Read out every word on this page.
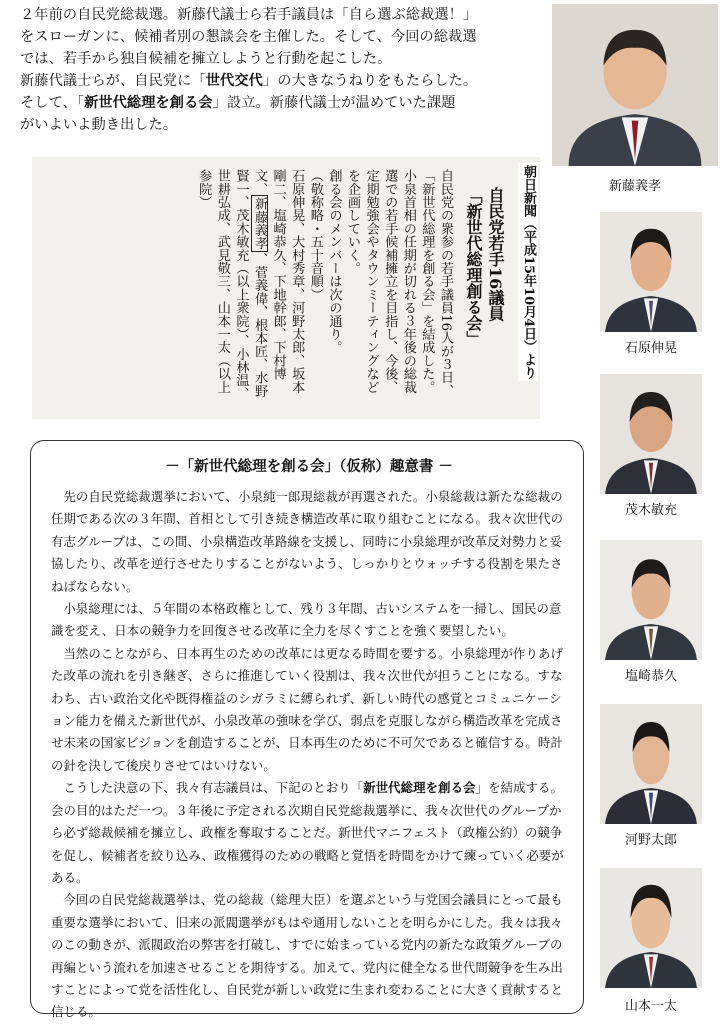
２年前の自民党総裁選。新藤代議士ら若手議員は「自ら選ぶ総裁選！」

をスローガンに、候補者別の懇談会を主催した。そして、今回の総裁選

では、若手から独自候補を擁立しようと行動を起こした。

新藤代議士らが、自民党に「世代交代」の大きなうねりをもたらした。

そして、「新世代総理を創る会」設立。新藤代議士が温めていた課題

がいよいよ動き出した。

朝日新聞（平成15年10月4日）より
自民党若手16議員
「新世代総理創る会」
自民党の衆参の若手議員16人が３日、「新世代総理を創る会」を結成した。小泉首相の任期が切れる３年後の総裁選での若手候補擁立を目指し、今後、定期勉強会やタウンミーティングなどを企画していく。
創る会のメンバーは次の通り。
（敬称略・五十音順）
石原伸晃、大村秀章、河野太郎、坂本剛二、塩崎恭久、下地幹郎、下村博文、新藤義孝、菅義偉、根本匠、水野賢一、茂木敏充（以上衆院）、小林温、世耕弘成、武見敬三、山本一太（以上参院）
－「新世代総理を創る会」（仮称）趣意書 －

先の自民党総裁選挙において、小泉純一郎現総裁が再選された。小泉総裁は新たな総裁の任期である次の３年間、首相として引き続き構造改革に取り組むことになる。我々次世代の有志グループは、この間、小泉構造改革路線を支援し、同時に小泉総理が改革反対勢力と妥協したり、改革を逆行させたりすることがないよう、しっかりとウォッチする役割を果たさねばならない。

小泉総理には、５年間の本格政権として、残り３年間、古いシステムを一掃し、国民の意識を変え、日本の競争力を回復させる改革に全力を尽くすことを強く要望したい。

当然のことながら、日本再生のための改革には更なる時間を要する。小泉総理が作りあげた改革の流れを引き継ぎ、さらに推進していく役割は、我々次世代が担うことになる。すなわち、古い政治文化や既得権益のシガラミに縛られず、新しい時代の感覚とコミュニケーション能力を備えた新世代が、小泉改革の強味を学び、弱点を克服しながら構造改革を完成させ未来の国家ビジョンを創造することが、日本再生のために不可欠であると確信する。時計の針を決して後戻りさせてはいけない。

こうした決意の下、我々有志議員は、下記のとおり「新世代総理を創る会」を結成する。会の目的はただ一つ。３年後に予定される次期自民党総裁選挙に、我々次世代のグループから必ず総裁候補を擁立し、政権を奪取することだ。新世代マニフェスト（政権公約）の競争を促し、候補者を絞り込み、政権獲得のための戦略と覚悟を時間をかけて練っていく必要がある。

今回の自民党総裁選挙は、党の総裁（総理大臣）を選ぶという与党国会議員にとって最も重要な選挙において、旧来の派閥選挙がもはや通用しないことを明らかにした。我々は我々のこの動きが、派閥政治の弊害を打破し、すでに始まっている党内の新たな政策グループの再編という流れを加速させることを期待する。加えて、党内に健全なる世代間競争を生み出すことによって党を活性化し、自民党が新しい政党に生まれ変わることに大きく貢献すると信じる。

新藤義孝
石原伸晃
茂木敏充
塩崎恭久
河野太郎
山本一太
